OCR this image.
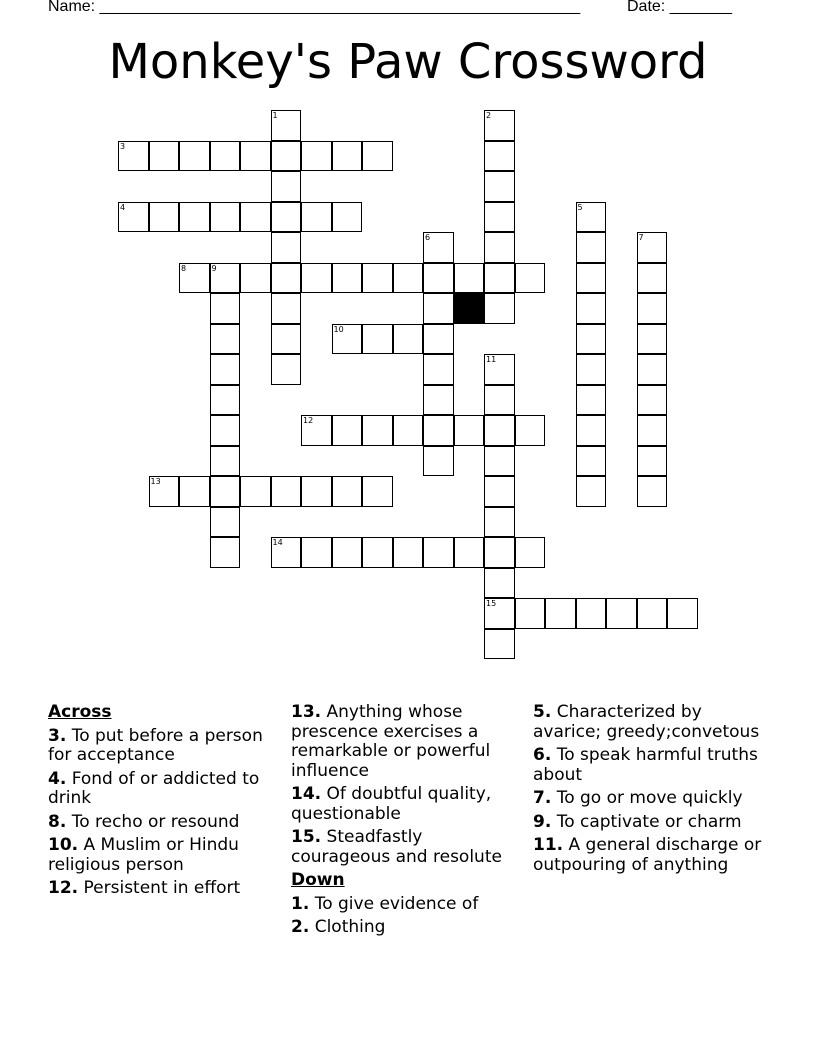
Name: ______________________________________________________	Date: _______
Monkey's Paw Crossword
1	2
3
4	5
6	7
8	9
10
11
12
13
14
15
Across
3. To put before a person for acceptance
4. Fond of or addicted to drink
8. To recho or resound
10. A Muslim or Hindu religious person
12. Persistent in effort
13. Anything whose prescence exercises a remarkable or powerful influence
14. Of doubtful quality, questionable
15. Steadfastly courageous and resolute
Down
1. To give evidence of
2. Clothing
5. Characterized by avarice; greedy;convetous
6. To speak harmful truths about
7. To go or move quickly
9. To captivate or charm
11. A general discharge or outpouring of anything
